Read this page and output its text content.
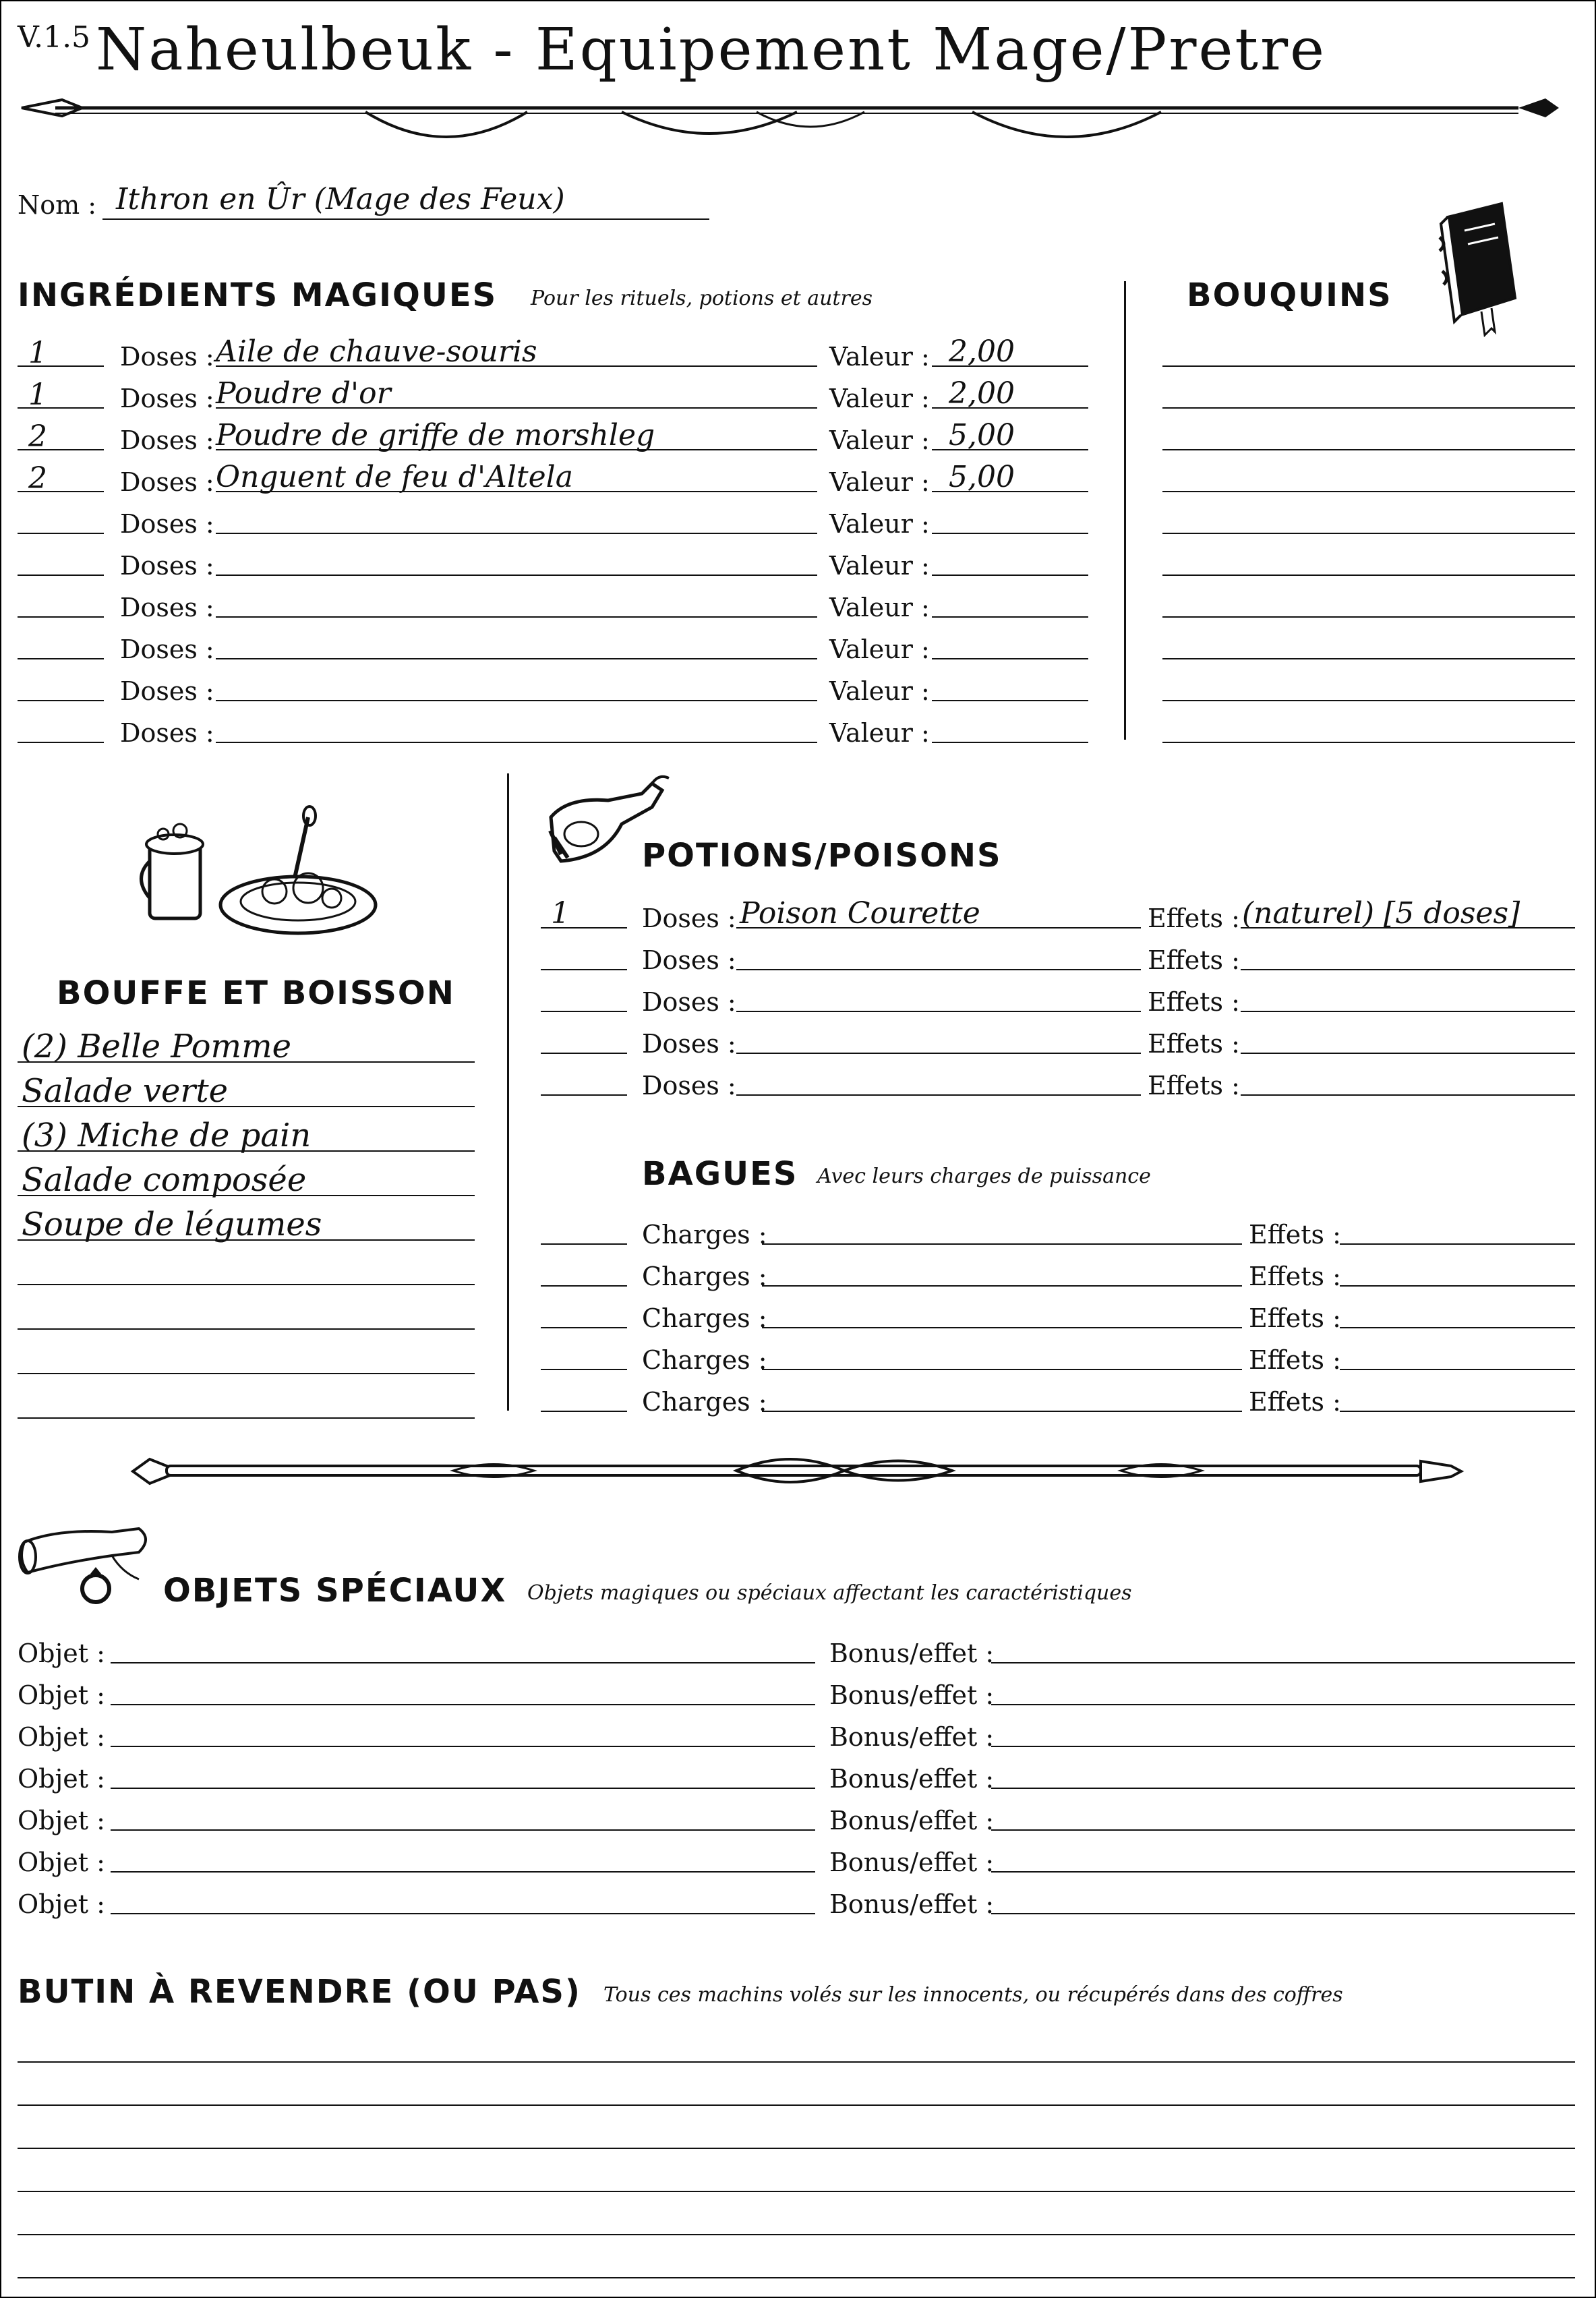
V.1.5 Naheulbeuk - Equipement Mage/Pretre
Nom : Ithron en Ûr (Mage des Feux)
INGRÉDIENTS MAGIQUES Pour les rituels, potions et autres
1	Doses : Aile de chauve-souris	Valeur : 2,00
1	Doses : Poudre d'or	Valeur : 2,00
2	Doses : Poudre de griffe de morshleg	Valeur : 5,00
2	Doses : Onguent de feu d'Altela	Valeur : 5,00
Doses :	Valeur :
Doses :	Valeur :
Doses :	Valeur :
Doses :	Valeur :
Doses :	Valeur :
Doses :	Valeur :
BOUQUINS
BOUFFE ET BOISSON
(2) Belle Pomme
Salade verte
(3) Miche de pain
Salade composée
Soupe de légumes
POTIONS/POISONS
1	Doses : Poison Courette	Effets : (naturel) [5 doses]
Doses :	Effets :
Doses :	Effets :
Doses :	Effets :
Doses :	Effets :
BAGUES Avec leurs charges de puissance
Charges :	Effets :
Charges :	Effets :
Charges :	Effets :
Charges :	Effets :
Charges :	Effets :
OBJETS SPÉCIAUX Objets magiques ou spéciaux affectant les caractéristiques
Objet :	Bonus/effet :
Objet :	Bonus/effet :
Objet :	Bonus/effet :
Objet :	Bonus/effet :
Objet :	Bonus/effet :
Objet :	Bonus/effet :
Objet :	Bonus/effet :
BUTIN À REVENDRE (OU PAS) Tous ces machins volés sur les innocents, ou récupérés dans des coffres
